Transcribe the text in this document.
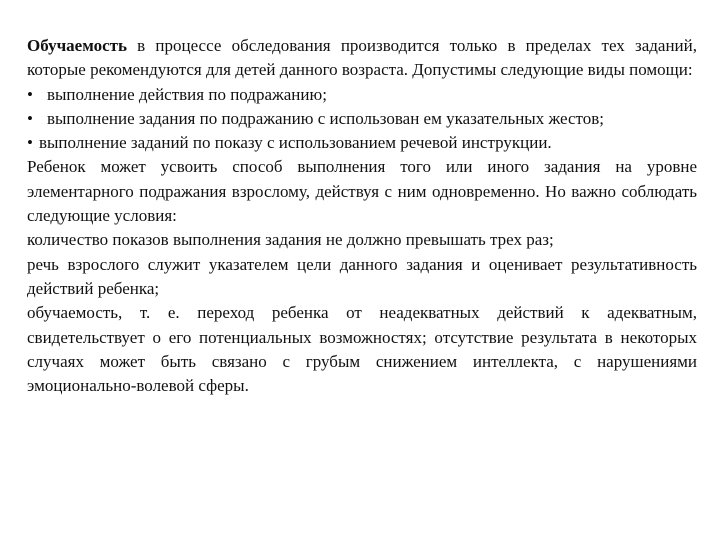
Обучаемость в процессе обследования производится только в пределах тех заданий, которые рекомендуются для детей данного возраста. Допустимы следующие виды помощи:

• выполнение действия по подражанию;
• выполнение задания по подражанию с использован ем указательных жестов;
• выполнение заданий по показу с использованием речевой инструкции.

Ребенок может усвоить способ выполнения того или иного задания на уровне элементарного подражания взрослому, действуя с ним одновременно. Но важно соблюдать следующие условия:

количество показов выполнения задания не должно превышать трех раз;

речь взрослого служит указателем цели данного задания и оценивает результативность действий ребенка;

обучаемость, т. е. переход ребенка от неадекватных действий к адекватным, свидетельствует о его потенциальных возможностях; отсутствие результата в некоторых случаях может быть связано с грубым снижением интеллекта, с нарушениями эмоционально-волевой сферы.
